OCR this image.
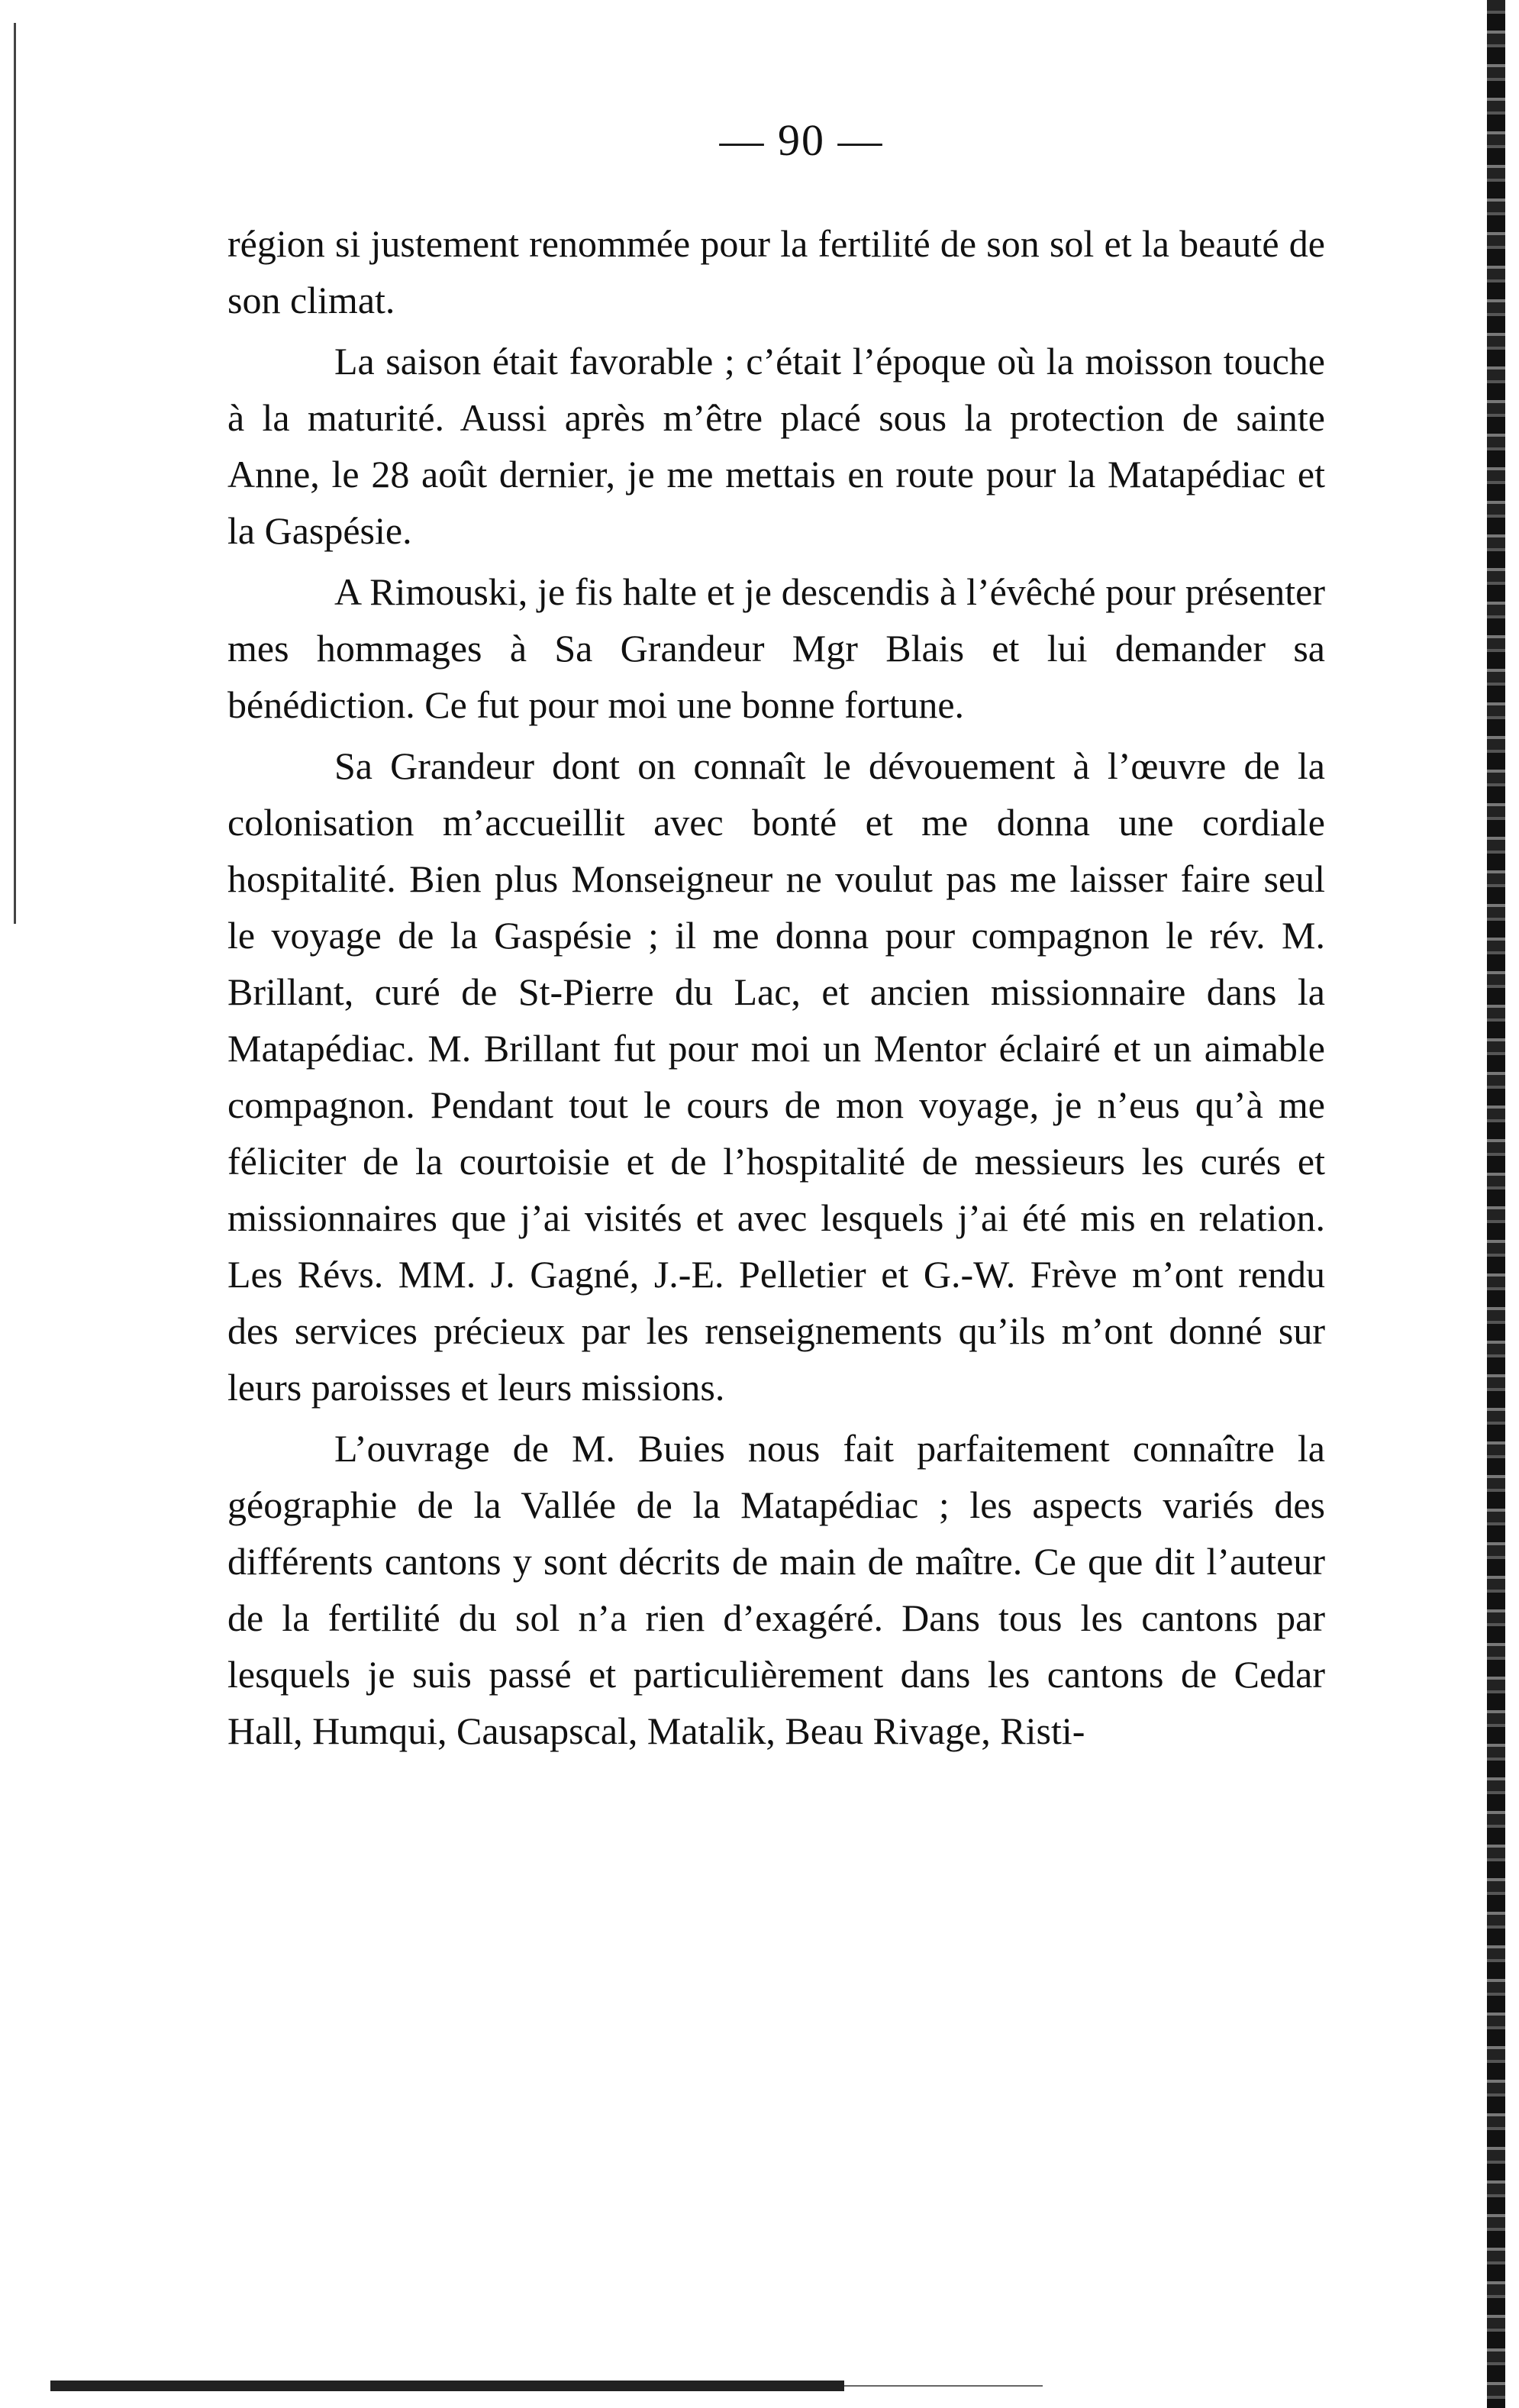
— 90 —

région si justement renommée pour la fertilité de son sol et la beauté de son climat.

La saison était favorable ; c’était l’époque où la moisson touche à la maturité. Aussi après m’être placé sous la protection de sainte Anne, le 28 août dernier, je me mettais en route pour la Matapédiac et la Gaspésie.

A Rimouski, je fis halte et je descendis à l’évêché pour présenter mes hommages à Sa Grandeur Mgr Blais et lui demander sa bénédiction. Ce fut pour moi une bonne fortune.

Sa Grandeur dont on connaît le dévouement à l’œuvre de la colonisation m’accueillit avec bonté et me donna une cordiale hospitalité. Bien plus Monseigneur ne voulut pas me laisser faire seul le voyage de la Gaspésie ; il me donna pour compagnon le rév. M. Brillant, curé de St-Pierre du Lac, et ancien missionnaire dans la Matapédiac. M. Brillant fut pour moi un Mentor éclairé et un aimable compagnon. Pendant tout le cours de mon voyage, je n’eus qu’à me féliciter de la courtoisie et de l’hospitalité de messieurs les curés et missionnaires que j’ai visités et avec lesquels j’ai été mis en relation. Les Révs. MM. J. Gagné, J.-E. Pelletier et G.-W. Frève m’ont rendu des services précieux par les renseignements qu’ils m’ont donné sur leurs paroisses et leurs missions.

L’ouvrage de M. Buies nous fait parfaitement connaître la géographie de la Vallée de la Matapédiac ; les aspects variés des différents cantons y sont décrits de main de maître. Ce que dit l’auteur de la fertilité du sol n’a rien d’exagéré. Dans tous les cantons par lesquels je suis passé et particulièrement dans les cantons de Cedar Hall, Humqui, Causapscal, Matalik, Beau Rivage, Risti-
